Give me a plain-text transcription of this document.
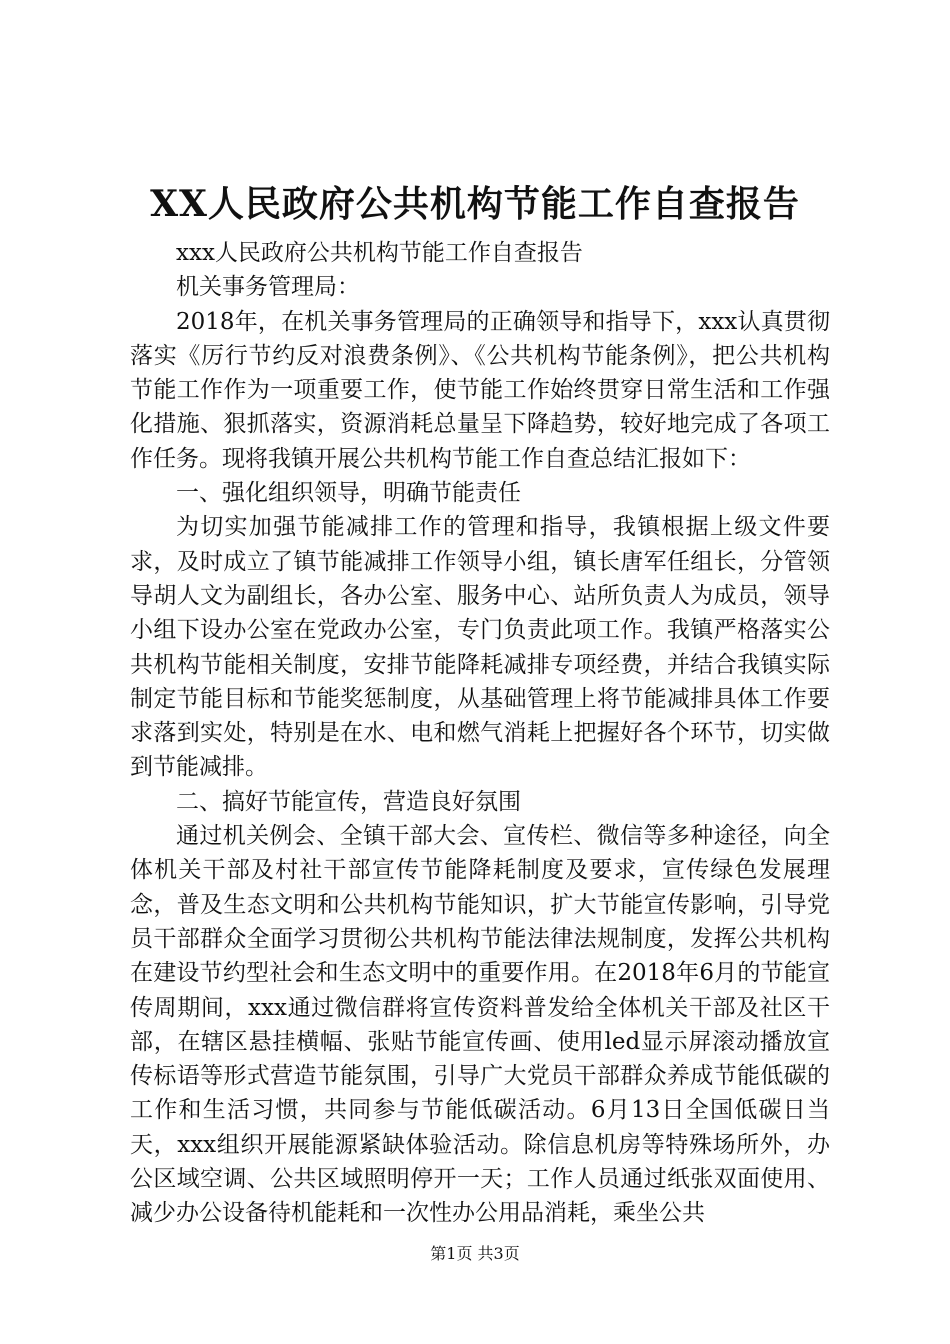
XX人民政府公共机构节能工作自查报告

xxx人民政府公共机构节能工作自查报告

机关事务管理局：

2018年，在机关事务管理局的正确领导和指导下，xxx认真贯彻落实《厉行节约反对浪费条例》、《公共机构节能条例》，把公共机构节能工作作为一项重要工作，使节能工作始终贯穿日常生活和工作强化措施、狠抓落实，资源消耗总量呈下降趋势，较好地完成了各项工作任务。现将我镇开展公共机构节能工作自查总结汇报如下：

一、强化组织领导，明确节能责任

为切实加强节能减排工作的管理和指导，我镇根据上级文件要求，及时成立了镇节能减排工作领导小组，镇长唐军任组长，分管领导胡人文为副组长，各办公室、服务中心、站所负责人为成员，领导小组下设办公室在党政办公室，专门负责此项工作。我镇严格落实公共机构节能相关制度，安排节能降耗减排专项经费，并结合我镇实际制定节能目标和节能奖惩制度，从基础管理上将节能减排具体工作要求落到实处，特别是在水、电和燃气消耗上把握好各个环节，切实做到节能减排。

二、搞好节能宣传，营造良好氛围

通过机关例会、全镇干部大会、宣传栏、微信等多种途径，向全体机关干部及村社干部宣传节能降耗制度及要求，宣传绿色发展理念，普及生态文明和公共机构节能知识，扩大节能宣传影响，引导党员干部群众全面学习贯彻公共机构节能法律法规制度，发挥公共机构在建设节约型社会和生态文明中的重要作用。在2018年6月的节能宣传周期间，xxx通过微信群将宣传资料普发给全体机关干部及社区干部，在辖区悬挂横幅、张贴节能宣传画、使用led显示屏滚动播放宣传标语等形式营造节能氛围，引导广大党员干部群众养成节能低碳的工作和生活习惯，共同参与节能低碳活动。6月13日全国低碳日当天，xxx组织开展能源紧缺体验活动。除信息机房等特殊场所外，办公区域空调、公共区域照明停开一天；工作人员通过纸张双面使用、减少办公设备待机能耗和一次性办公用品消耗，乘坐公共

第1页 共3页
